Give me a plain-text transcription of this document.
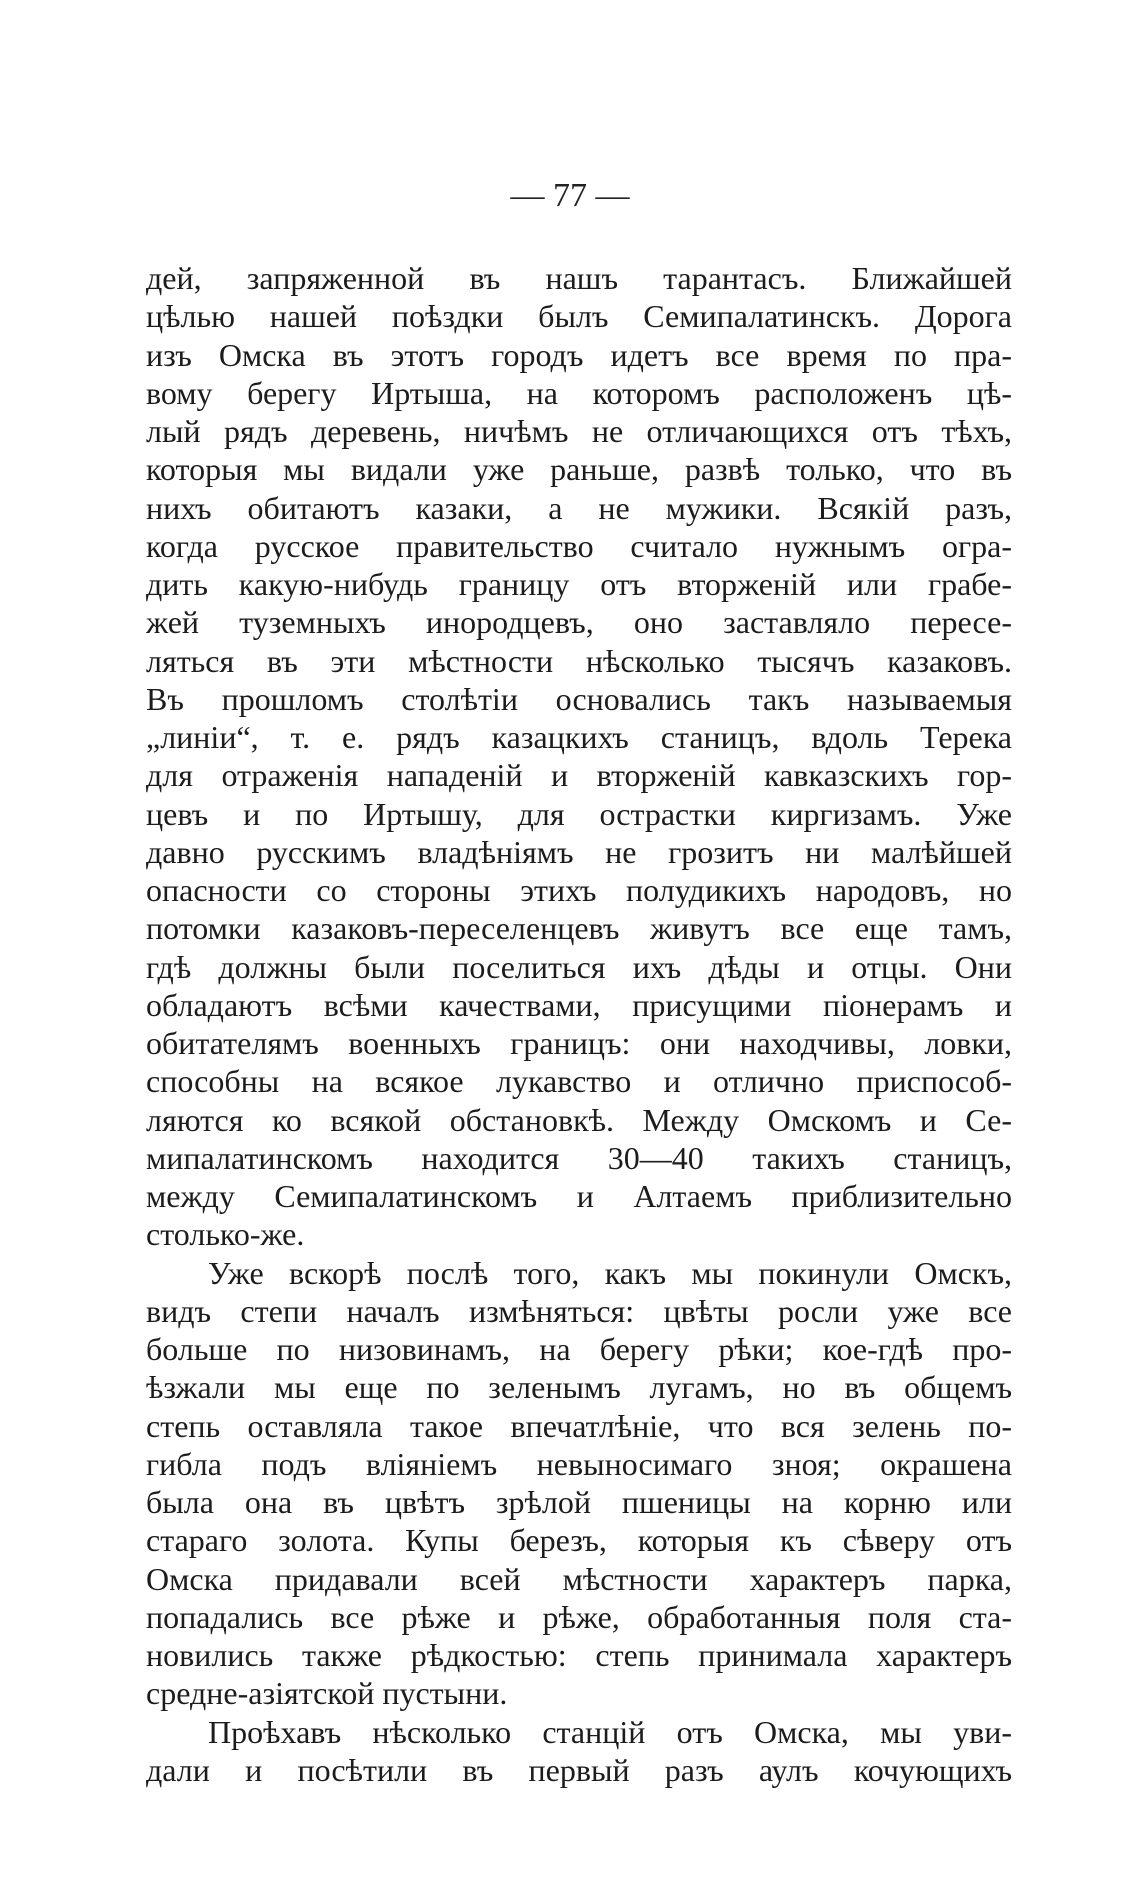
— 77 —
дей, запряженной въ нашъ тарантасъ. Ближайшей
цѣлью нашей поѣздки былъ Семипалатинскъ. Дорога
изъ Омска въ этотъ городъ идетъ все время по пра-
вому берегу Иртыша, на которомъ расположенъ цѣ-
лый рядъ деревень, ничѣмъ не отличающихся отъ тѣхъ,
которыя мы видали уже раньше, развѣ только, что въ
нихъ обитаютъ казаки, а не мужики. Всякій разъ,
когда русское правительство считало нужнымъ огра-
дить какую-нибудь границу отъ вторженій или грабе-
жей туземныхъ инородцевъ, оно заставляло пересе-
ляться въ эти мѣстности нѣсколько тысячъ казаковъ.
Въ прошломъ столѣтіи основались такъ называемыя
„линіи“, т. е. рядъ казацкихъ станицъ, вдоль Терека
для отраженія нападеній и вторженій кавказскихъ гор-
цевъ и по Иртышу, для острастки киргизамъ. Уже
давно русскимъ владѣніямъ не грозитъ ни малѣйшей
опасности со стороны этихъ полудикихъ народовъ, но
потомки казаковъ-переселенцевъ живутъ все еще тамъ,
гдѣ должны были поселиться ихъ дѣды и отцы. Они
обладаютъ всѣми качествами, присущими піонерамъ и
обитателямъ военныхъ границъ: они находчивы, ловки,
способны на всякое лукавство и отлично приспособ-
ляются ко всякой обстановкѣ. Между Омскомъ и Се-
мипалатинскомъ находится 30—40 такихъ станицъ,
между Семипалатинскомъ и Алтаемъ приблизительно
столько-же.
Уже вскорѣ послѣ того, какъ мы покинули Омскъ,
видъ степи началъ измѣняться: цвѣты росли уже все
больше по низовинамъ, на берегу рѣки; кое-гдѣ про-
ѣзжали мы еще по зеленымъ лугамъ, но въ общемъ
степь оставляла такое впечатлѣніе, что вся зелень по-
гибла подъ вліяніемъ невыносимаго зноя; окрашена
была она въ цвѣтъ зрѣлой пшеницы на корню или
стараго золота. Купы березъ, которыя къ сѣверу отъ
Омска придавали всей мѣстности характеръ парка,
попадались все рѣже и рѣже, обработанныя поля ста-
новились также рѣдкостью: степь принимала характеръ
средне-азіятской пустыни.
Проѣхавъ нѣсколько станцій отъ Омска, мы уви-
дали и посѣтили въ первый разъ аулъ кочующихъ
